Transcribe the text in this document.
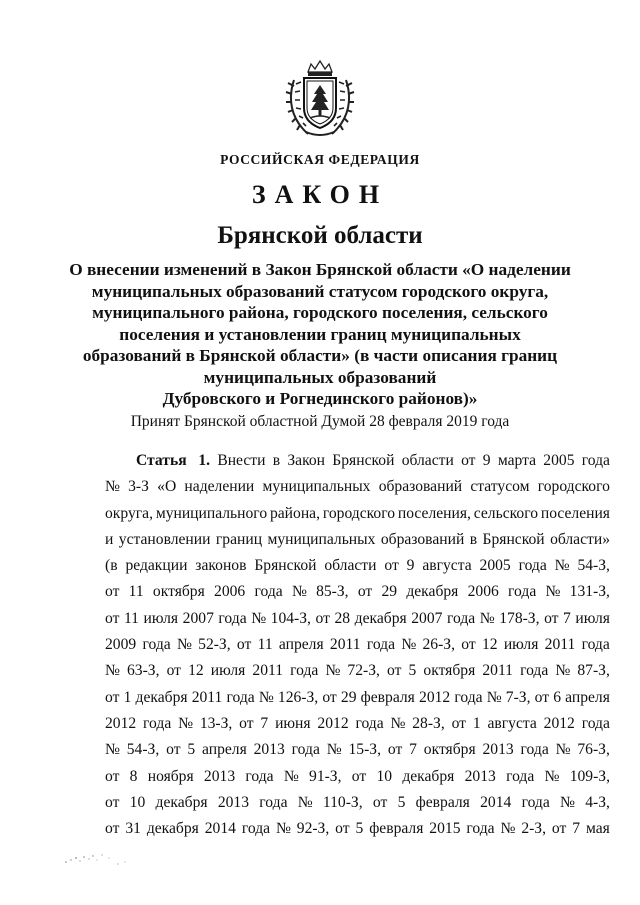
РОССИЙСКАЯ ФЕДЕРАЦИЯ
ЗАКОН
Брянской области
О внесении изменений в Закон Брянской области «О наделении
муниципальных образований статусом городского округа,
муниципального района, городского поселения, сельского
поселения и установлении границ муниципальных
образований в Брянской области» (в части описания границ
муниципальных образований
Дубровского и Рогнединского районов)»
Принят Брянской областной Думой 28 февраля 2019 года
Статья   1. Внести в Закон Брянской области от 9 марта 2005 года
№ 3-З «О наделении муниципальных образований статусом городского
округа, муниципального района, городского поселения, сельского поселения
и установлении границ муниципальных образований в Брянской области»
(в редакции законов Брянской области от 9 августа 2005 года № 54-З,
от 11 октября 2006 года № 85-З, от 29 декабря 2006 года № 131-З,
от 11 июля 2007 года № 104-З, от 28 декабря 2007 года № 178-З, от 7 июля
2009 года № 52-З, от 11 апреля 2011 года № 26-З, от 12 июля 2011 года
№ 63-З, от 12 июля 2011 года № 72-З, от 5 октября 2011 года № 87-З,
от 1 декабря 2011 года № 126-З, от 29 февраля 2012 года № 7-З, от 6 апреля
2012 года № 13-З, от 7 июня 2012 года № 28-З, от 1 августа 2012 года
№ 54-З, от 5 апреля 2013 года № 15-З, от 7 октября 2013 года № 76-З,
от 8 ноября 2013 года № 91-З, от 10 декабря 2013 года № 109-З,
от 10 декабря 2013 года № 110-З, от 5 февраля 2014 года № 4-З,
от 31 декабря 2014 года № 92-З, от 5 февраля 2015 года № 2-З, от 7 мая
